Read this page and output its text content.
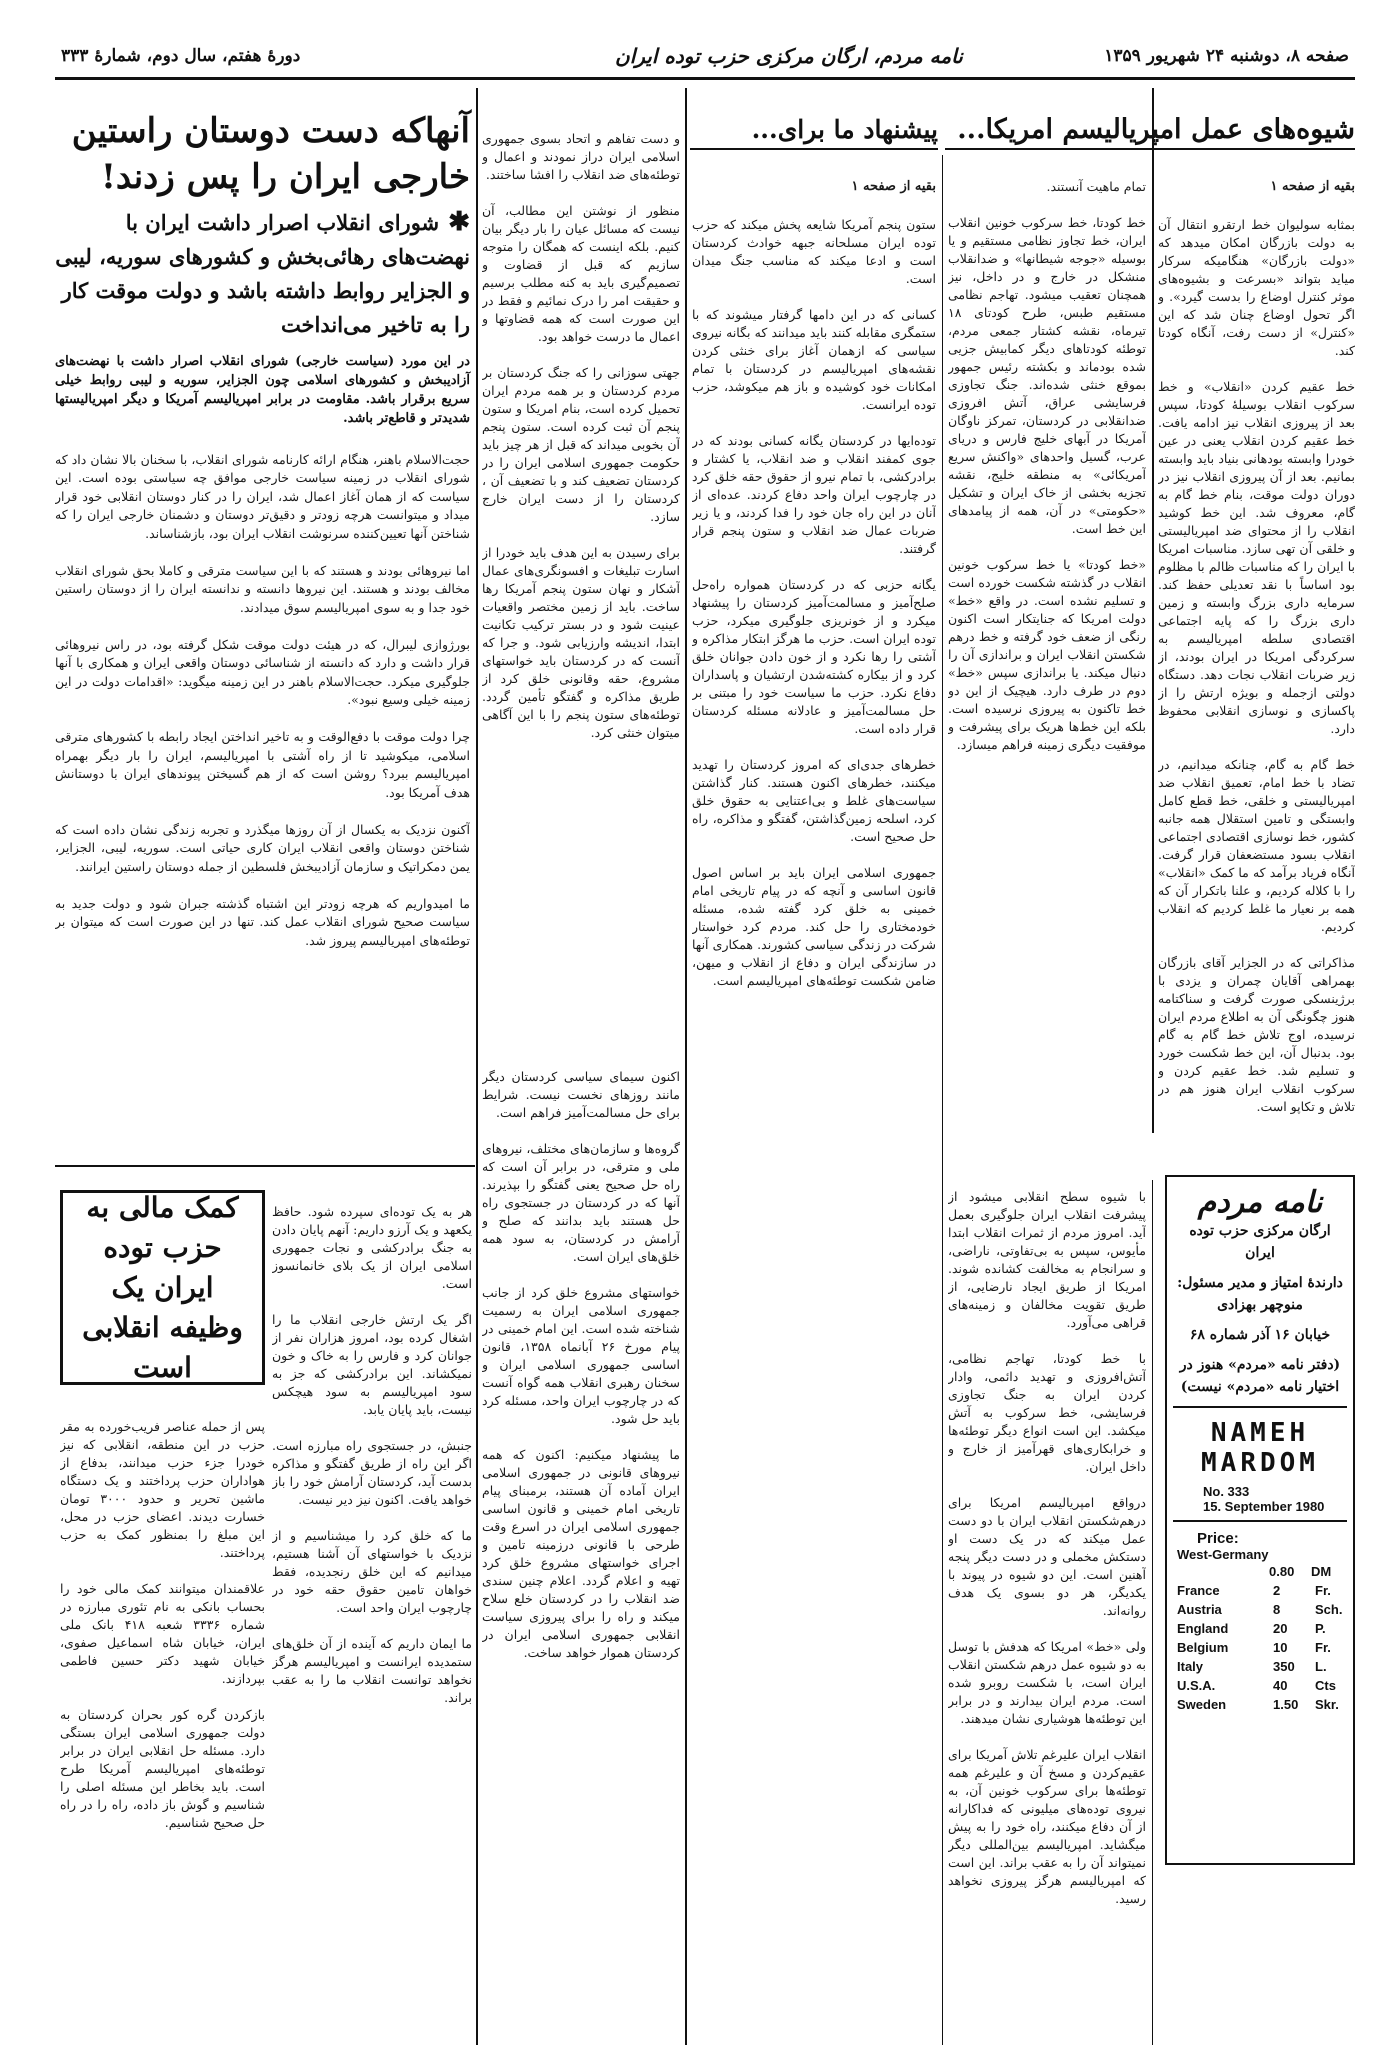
صفحه ۸، دوشنبه ۲۴ شهریور ۱۳۵۹
نامه مردم، ارگان مرکزی حزب توده ایران
دورهٔ هفتم، سال دوم، شمارهٔ ۳۳۳
شیوه‌های عمل امپریالیسم امریکا...

بقیه از صفحه ۱

بمثابه سولیوان خط ارتقرو انتقال آن به دولت بازرگان امکان میدهد که «دولت بازرگان» هنگامیکه سرکار میاید بتواند «بسرعت و بشیوه‌های موثر کنترل اوضاع را بدست گیرد». و اگر تحول اوضاع چنان شد که این «کنترل» از دست رفت، آنگاه کودتا کند.

خط عقیم کردن «انقلاب» و خط سرکوب انقلاب بوسیلهٔ کودتا، سپس بعد از پیروزی انقلاب نیز ادامه یافت. خط عقیم کردن انقلاب یعنی در عین خودرا وابسته بودهانی بنیاد باید وابسته بمانیم. بعد از آن پیروزی انقلاب نیز در دوران دولت موقت، بنام خط گام به گام، معروف شد. این خط کوشید انقلاب را از محتوای ضد امپریالیستی و خلقی آن تهی سازد. مناسبات امریکا با ایران را که مناسبات ظالم با مظلوم بود اساساً با نقد تعدیلی حفظ کند. سرمایه داری بزرگ وابسته و زمین داری بزرگ را که پایه اجتماعی اقتصادی سلطه امپریالیسم به سرکردگی امریکا در ایران بودند، از زیر ضربات انقلاب نجات دهد. دستگاه دولتی ازجمله و بویژه ارتش را از پاکسازی و نوسازی انقلابی محفوظ دارد.

خط گام به گام، چنانکه میدانیم، در تضاد با خط امام، تعمیق انقلاب ضد امپریالیستی و خلقی، خط قطع کامل وابستگی و تامین استقلال همه جانبه کشور، خط نوسازی اقتصادی اجتماعی انقلاب بسود مستضعفان قرار گرفت. آنگاه فریاد برآمد که ما کمک «انقلاب» را با کلاله کردیم، و علنا باتکرار آن که همه بر نعیار ما غلط کردیم که انقلاب کردیم.

مذاکراتی که در الجزایر آقای بازرگان بهمراهی آقایان چمران و یزدی با برژینسکی صورت گرفت و سناکتامه هنوز چگونگی آن به اطلاع مردم ایران نرسیده، اوج تلاش خط گام به گام بود. بدنبال آن، این خط شکست خورد و تسلیم شد. خط عقیم کردن و سرکوب انقلاب ایران هنوز هم در تلاش و تکاپو است.

تمام ماهیت آنستند.

خط کودتا، خط سرکوب خونین انقلاب ایران، خط تجاوز نظامی مستقیم و یا بوسیله «جوجه شیطانها» و ضدانقلاب منشکل در خارج و در داخل، نیز همچنان تعقیب میشود. تهاجم نظامی مستقیم طبس، طرح کودتای ۱۸ تیرماه، نقشه کشتار جمعی مردم، توطئه کودتاهای دیگر کمابیش جزیی شده بودماند و بکشته رئیس جمهور بموقع خنثی شده‌اند. جنگ تجاوزی فرسایشی عراق، آتش افروزی ضدانقلابی در کردستان، تمرکز ناوگان آمریکا در آبهای خلیج فارس و دریای عرب، گسیل واحدهای «واکنش سریع آمریکائی» به منطقه خلیج، نقشه تجزیه بخشی از خاک ایران و تشکیل «حکومتی» در آن، همه از پیامدهای این خط است.

«خط کودتا» یا خط سرکوب خونین انقلاب در گذشته شکست خورده است و تسلیم نشده است. در واقع «خط» دولت امریکا که جنایتکار است اکنون رنگی از ضعف خود گرفته و خط درهم شکستن انقلاب ایران و براندازی آن را دنبال میکند. یا براندازی سپس «خط» دوم در طرف دارد. هیچیک از این دو خط تاکنون به پیروزی نرسیده است. بلکه این خط‌ها هریک برای پیشرفت و موفقیت دیگری زمینه فراهم میسازد.

با شیوه سطح انقلابی میشود از پیشرفت انقلاب ایران جلوگیری بعمل آید. امروز مردم از ثمرات انقلاب ابتدا مأیوس، سپس به بی‌تفاوتی، ناراضی، و سرانجام به مخالفت کشانده شوند. امریکا از طریق ایجاد نارضایی، از طریق تقویت مخالفان و زمینه‌های قراهی می‌آورد.

با خط کودتا، تهاجم نظامی، آتش‌افروزی و تهدید دائمی، وادار کردن ایران به جنگ تجاوزی فرسایشی، خط سرکوب به آتش میکشد. این است انواع دیگر توطئه‌ها و خرابکاری‌های قهرآمیز از خارج و داخل ایران.

درواقع امپریالیسم امریکا برای درهم‌شکستن انقلاب ایران با دو دست عمل میکند که در یک دست او دستکش مخملی و در دست دیگر پنجه آهنین است. این دو شیوه در پیوند با یکدیگر، هر دو بسوی یک هدف روانه‌اند.

ولی «خط» امریکا که هدفش با توسل به دو شیوه عمل درهم شکستن انقلاب ایران است، با شکست روبرو شده است. مردم ایران بیدارند و در برابر این توطئه‌ها هوشیاری نشان میدهند.

انقلاب ایران علیرغم تلاش آمریکا برای عقیم‌کردن و مسخ آن و علیرغم همه توطئه‌ها برای سرکوب خونین آن، به نیروی توده‌های میلیونی که فداکارانه از آن دفاع میکنند، راه خود را به پیش میگشاید. امپریالیسم بین‌المللی دیگر نمیتواند آن را به عقب براند. این است که امپریالیسم هرگز پیروزی نخواهد رسید.

پیشنهاد ما برای...

بقیه از صفحه ۱

ستون پنجم آمریکا شایعه پخش میکند که حزب توده ایران مسلحانه جبهه خوادث کردستان است و ادعا میکند که مناسب جنگ میدان است.

کسانی که در این دامها گرفتار میشوند که با ستمگری مقابله کنند باید میدانند که بگانه نیروی سیاسی که ازهمان آغاز برای خنثی کردن نقشه‌های امپریالیسم در کردستان با تمام امکانات خود کوشیده و باز هم میکوشد، حزب توده ایرانست.

توده‌ایها در کردستان یگانه کسانی بودند که در جوی کمفند انقلاب و ضد انقلاب، یا کشتار و برادرکشی، با تمام نیرو از حقوق حقه خلق کرد در چارچوب ایران واحد دفاع کردند. عده‌ای از آنان در این راه جان خود را فدا کردند، و یا زیر ضربات عمال ضد انقلاب و ستون پنجم قرار گرفتند.

یگانه حزبی که در کردستان همواره راه‌حل صلح‌آمیز و مسالمت‌آمیز کردستان را پیشنهاد میکرد و از خونریزی جلوگیری میکرد، حزب توده ایران است. حزب ما هرگز ابتکار مذاکره و آشتی را رها نکرد و از خون دادن جوانان خلق کرد و از بیکاره کشته‌شدن ارتشیان و پاسداران دفاع نکرد. حزب ما سیاست خود را مبتنی بر حل مسالمت‌آمیز و عادلانه مسئله کردستان قرار داده است.

خطرهای جدی‌ای که امروز کردستان را تهدید میکنند، خطرهای اکنون هستند. کنار گذاشتن سیاست‌های غلط و بی‌اعتنایی به حقوق خلق کرد، اسلحه زمین‌گذاشتن، گفتگو و مذاکره، راه حل صحیح است.

جمهوری اسلامی ایران باید بر اساس اصول قانون اساسی و آنچه که در پیام تاریخی امام خمینی به خلق کرد گفته شده، مسئله خودمختاری را حل کند. مردم کرد خواستار شرکت در زندگی سیاسی کشورند. همکاری آنها در سازندگی ایران و دفاع از انقلاب و میهن، ضامن شکست توطئه‌های امپریالیسم است.

و دست تفاهم و اتحاد بسوی جمهوری اسلامی ایران دراز نمودند و اعمال و توطئه‌های ضد انقلاب را افشا ساختند.

منظور از نوشتن این مطالب، آن نیست که مسائل عیان را بار دیگر بیان کنیم. بلکه اینست که همگان را متوجه سازیم که قبل از قضاوت و تصمیم‌گیری باید به کنه مطلب برسیم و حقیقت امر را درک نمائیم و فقط در این صورت است که همه قضاوتها و اعمال ما درست خواهد بود.

جهتی سوزانی را که جنگ کردستان بر مردم کردستان و بر همه مردم ایران تحمیل کرده است، بنام امریکا و ستون پنجم آن ثبت کرده است. ستون پنجم آن بخوبی میداند که قبل از هر چیز باید حکومت جمهوری اسلامی ایران را در کردستان تضعیف کند و با تضعیف آن ، کردستان را از دست ایران خارج سازد.

برای رسیدن به این هدف باید خودرا از اسارت تبلیغات و افسونگری‌های عمال آشکار و نهان ستون پنجم آمریکا رها ساخت. باید از زمین مختصر واقعیات عینیت شود و در بستر ترکیب تکانیت ابتدا، اندیشه وارزیابی شود. و جرا که آنست که در کردستان باید خواستهای مشروع، حقه وقانونی خلق کرد از طریق مذاکره و گفتگو تأمین گردد. توطئه‌های ستون پنجم را با این آگاهی میتوان خنثی کرد.

اکنون سیمای سیاسی کردستان دیگر مانند روزهای نخست نیست. شرایط برای حل مسالمت‌آمیز فراهم است.

گروه‌ها و سازمان‌های مختلف، نیروهای ملی و مترقی، در برابر آن است که راه حل صحیح یعنی گفتگو را بپذیرند. آنها که در کردستان در جستجوی راه حل هستند باید بدانند که صلح و آرامش در کردستان، به سود همه خلق‌های ایران است.

خواستهای مشروع خلق کرد از جانب جمهوری اسلامی ایران به رسمیت شناخته شده است. این امام خمینی در پیام مورخ ۲۶ آبانماه ۱۳۵۸، قانون اساسی جمهوری اسلامی ایران و سخنان رهبری انقلاب همه گواه آنست که در چارچوب ایران واحد، مسئله کرد باید حل شود.

ما پیشنهاد میکنیم: اکنون که همه نیروهای قانونی در جمهوری اسلامی ایران آماده آن هستند، برمبنای پیام تاریخی امام خمینی و قانون اساسی جمهوری اسلامی ایران در اسرع وقت طرحی با قانونی درزمینه تامین و اجرای خواستهای مشروع خلق کرد تهیه و اعلام گردد. اعلام چنین سندی ضد انقلاب را در کردستان خلع سلاح میکند و راه را برای پیروزی سیاست انقلابی جمهوری اسلامی ایران در کردستان هموار خواهد ساخت.

آنهاکه دست دوستان راستین خارجی ایران را پس زدند!
✱ شورای انقلاب اصرار داشت ایران با نهضت‌های رهائی‌بخش و کشورهای سوریه، لیبی و الجزایر روابط داشته باشد و دولت موقت کار را به تاخیر می‌انداخت
در این مورد (سیاست خارجی) شورای انقلاب اصرار داشت با نهضت‌های آزادیبخش و کشورهای اسلامی چون الجزایر، سوریه و لیبی روابط خیلی سریع برقرار باشد. مقاومت در برابر امپریالیسم آمریکا و دیگر امپریالیستها شدیدتر و قاطع‌تر باشد.

حجت‌الاسلام باهنر، هنگام ارائه کارنامه شورای انقلاب، با سخنان بالا نشان داد که شورای انقلاب در زمینه سیاست خارجی موافق چه سیاستی بوده است. این سیاست که از همان آغاز اعمال شد، ایران را در کنار دوستان انقلابی خود قرار میداد و میتوانست هرچه زودتر و دقیق‌تر دوستان و دشمنان خارجی ایران را که شناختن آنها تعیین‌کننده سرنوشت انقلاب ایران بود، بازشناساند.

اما نیروهائی بودند و هستند که با این سیاست مترقی و کاملا بحق شورای انقلاب مخالف بودند و هستند. این نیروها دانسته و ندانسته ایران را از دوستان راستین خود جدا و به سوی امپریالیسم سوق میدادند.

بورژوازی لیبرال، که در هیئت دولت موقت شکل گرفته بود، در راس نیروهائی قرار داشت و دارد که دانسته از شناسائی دوستان واقعی ایران و همکاری با آنها جلوگیری میکرد. حجت‌الاسلام باهنر در این زمینه میگوید: «اقدامات دولت در این زمینه خیلی وسیع نبود».

چرا دولت موقت با دفع‌الوقت و به تاخیر انداختن ایجاد رابطه با کشورهای مترقی اسلامی، میکوشید تا از راه آشتی با امپریالیسم، ایران را بار دیگر بهمراه امپریالیسم ببرد؟ روشن است که از هم گسیختن پیوندهای ایران با دوستانش هدف آمریکا بود.

آکنون نزدیک به یکسال از آن روزها میگذرد و تجربه زندگی نشان داده است که شناختن دوستان واقعی انقلاب ایران کاری حیاتی است. سوریه، لیبی، الجزایر، یمن دمکراتیک و سازمان آزادیبخش فلسطین از جمله دوستان راستین ایرانند.

ما امیدواریم که هرچه زودتر این اشتباه گذشته جبران شود و دولت جدید به سیاست صحیح شورای انقلاب عمل کند. تنها در این صورت است که میتوان بر توطئه‌های امپریالیسم پیروز شد.

کمک مالی به حزب توده ایران یک وظیفه انقلابی است

هر به یک توده‌ای سپرده شود. حافظ یکعهد و یک آرزو داریم: آنهم پایان دادن به جنگ برادرکشی و نجات جمهوری اسلامی ایران از یک بلای خانمانسوز است.

اگر یک ارتش خارجی انقلاب ما را اشغال کرده بود، امروز هزاران نفر از جوانان کرد و فارس را به خاک و خون نمیکشاند. این برادرکشی که جز به سود امپریالیسم به سود هیچکس نیست، باید پایان یابد.

جنبش، در جستجوی راه مبارزه است. اگر این راه از طریق گفتگو و مذاکره بدست آید، کردستان آرامش خود را باز خواهد یافت. اکنون نیز دیر نیست.

ما که خلق کرد را میشناسیم و از نزدیک با خواستهای آن آشنا هستیم، میدانیم که این خلق رنجدیده، فقط خواهان تامین حقوق حقه خود در چارچوب ایران واحد است.

ما ایمان داریم که آینده از آن خلق‌های ستمدیده ایرانست و امپریالیسم هرگز نخواهد توانست انقلاب ما را به عقب براند.

پس از حمله عناصر فریب‌خورده به مقر حزب در این منطقه، انقلابی که نیز خودرا جزء حزب میدانند، بدفاع از هواداران حزب پرداختند و یک دستگاه ماشین تحریر و حدود ۳۰۰۰ تومان خسارت دیدند. اعضای حزب در محل، این مبلغ را بمنظور کمک به حزب پرداختند.

علاقمندان میتوانند کمک مالی خود را بحساب بانکی به نام تئوری مبارزه در شماره ۳۳۳۶ شعبه ۴۱۸ بانک ملی ایران، خیابان شاه اسماعیل صفوی، خیابان شهید دکتر حسین فاطمی بپردازند.

بازکردن گره کور بحران کردستان به دولت جمهوری اسلامی ایران بستگی دارد. مسئله حل انقلابی ایران در برابر توطئه‌های امپریالیسم آمریکا طرح است. باید بخاطر این مسئله اصلی را شناسیم و گوش باز داده، راه را در راه حل صحیح شناسیم.

نامه مردم
ارگان مرکزی حزب توده ایران
دارندهٔ امتیاز و مدیر مسئول:
منوچهر بهزادی
خیابان ۱۶ آذر شماره ۶۸
(دفتر نامه «مردم» هنوز در اختیار نامه «مردم» نیست)
NAMEH
MARDOM
No. 333
15. September 1980
Price:
West-Germany
0.80	DM
France	2	Fr.
Austria	8	Sch.
England	20	P.
Belgium	10	Fr.
Italy	350	L.
U.S.A.	40	Cts
Sweden	1.50	Skr.
